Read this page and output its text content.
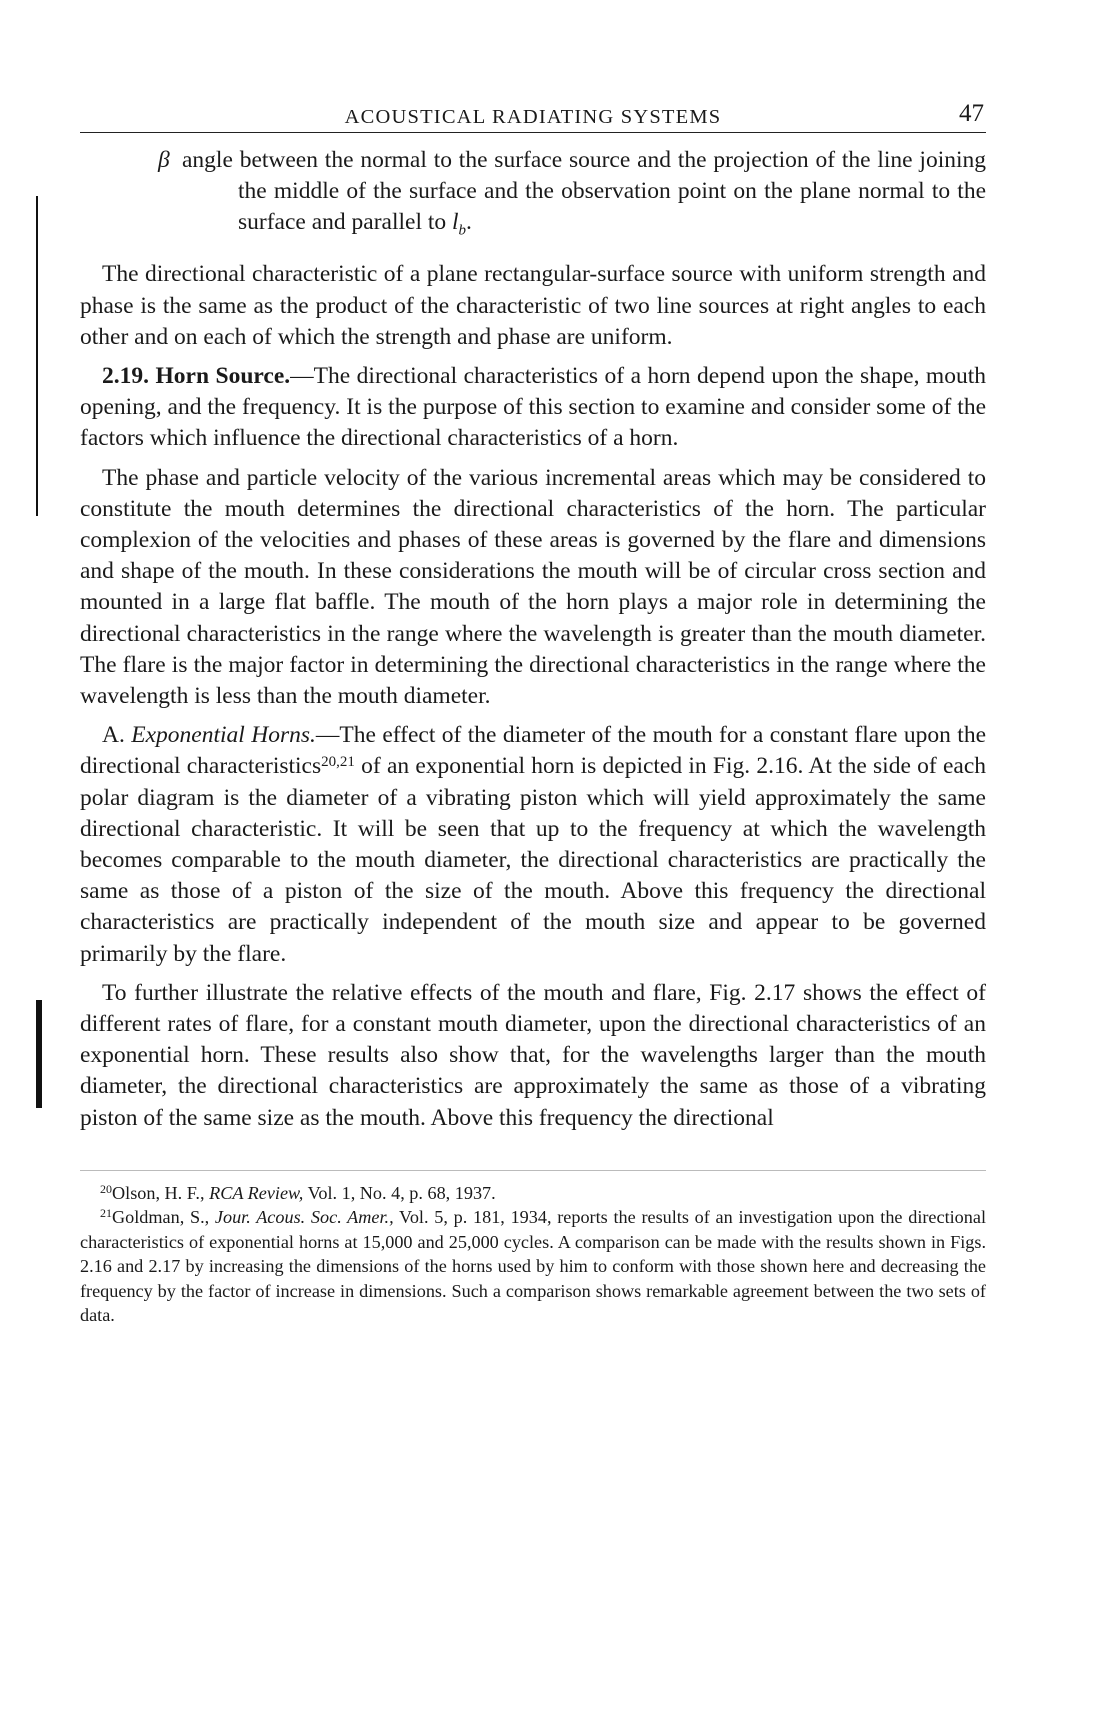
ACOUSTICAL RADIATING SYSTEMS	47
β angle between the normal to the surface source and the projection of the line joining the middle of the surface and the observation point on the plane normal to the surface and parallel to $l_b$.

The directional characteristic of a plane rectangular-surface source with uniform strength and phase is the same as the product of the characteristic of two line sources at right angles to each other and on each of which the strength and phase are uniform.

2.19. Horn Source.—The directional characteristics of a horn depend upon the shape, mouth opening, and the frequency. It is the purpose of this section to examine and consider some of the factors which influence the directional characteristics of a horn.

The phase and particle velocity of the various incremental areas which may be considered to constitute the mouth determines the directional characteristics of the horn. The particular complexion of the velocities and phases of these areas is governed by the flare and dimensions and shape of the mouth. In these considerations the mouth will be of circular cross section and mounted in a large flat baffle. The mouth of the horn plays a major role in determining the directional characteristics in the range where the wavelength is greater than the mouth diameter. The flare is the major factor in determining the directional characteristics in the range where the wavelength is less than the mouth diameter.

A. Exponential Horns.—The effect of the diameter of the mouth for a constant flare upon the directional characteristics$^{20,21}$ of an exponential horn is depicted in Fig. 2.16. At the side of each polar diagram is the diameter of a vibrating piston which will yield approximately the same directional characteristic. It will be seen that up to the frequency at which the wavelength becomes comparable to the mouth diameter, the directional characteristics are practically the same as those of a piston of the size of the mouth. Above this frequency the directional characteristics are practically independent of the mouth size and appear to be governed primarily by the flare.

To further illustrate the relative effects of the mouth and flare, Fig. 2.17 shows the effect of different rates of flare, for a constant mouth diameter, upon the directional characteristics of an exponential horn. These results also show that, for the wavelengths larger than the mouth diameter, the directional characteristics are approximately the same as those of a vibrating piston of the same size as the mouth. Above this frequency the directional

$^{20}$Olson, H. F., RCA Review, Vol. 1, No. 4, p. 68, 1937.

$^{21}$Goldman, S., Jour. Acous. Soc. Amer., Vol. 5, p. 181, 1934, reports the results of an investigation upon the directional characteristics of exponential horns at 15,000 and 25,000 cycles. A comparison can be made with the results shown in Figs. 2.16 and 2.17 by increasing the dimensions of the horns used by him to conform with those shown here and decreasing the frequency by the factor of increase in dimensions. Such a comparison shows remarkable agreement between the two sets of data.
